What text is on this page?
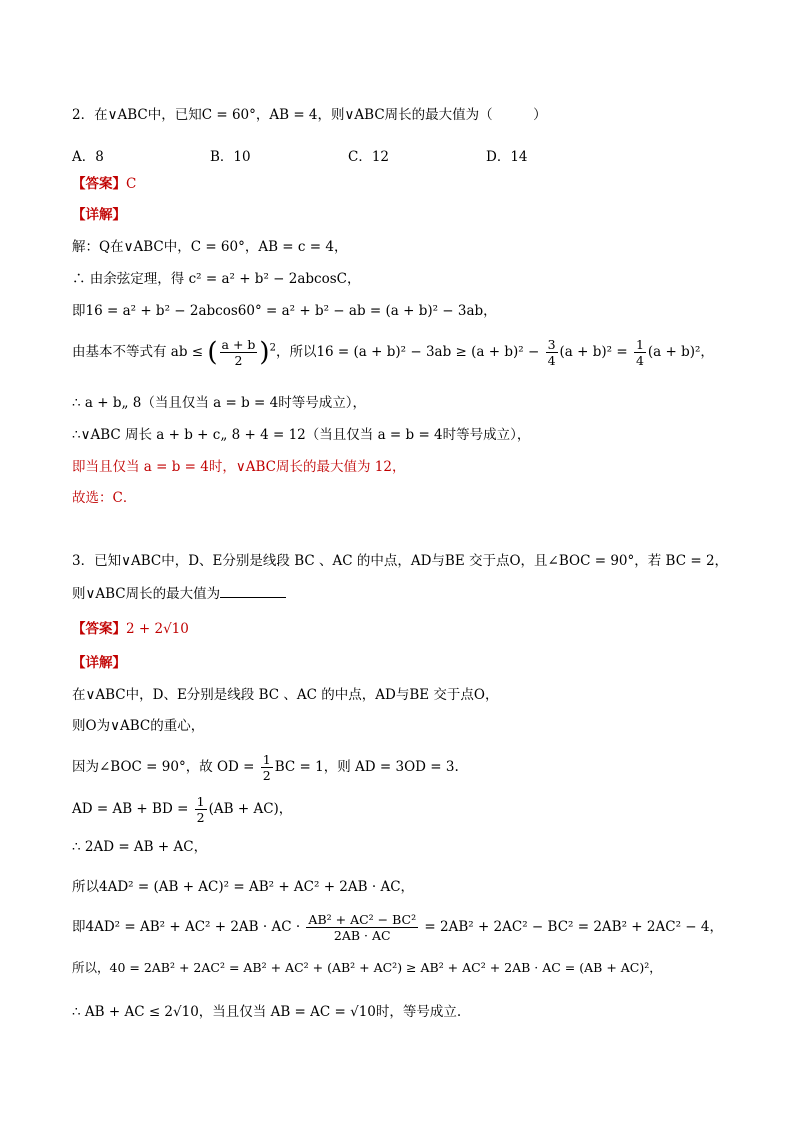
2．在∨ABC中，已知C = 60°，AB = 4，则∨ABC周长的最大值为（　　　）
A．8	B．10	C．12	D．14
【答案】C
【详解】
解：Q在∨ABC中，C = 60°，AB = c = 4，
∴ 由余弦定理，得 c² = a² + b² − 2abcosC，
即16 = a² + b² − 2abcos60° = a² + b² − ab = (a + b)² − 3ab，
由基本不等式有 ab ≤ ( $\frac{a + b}{2} )^2$，所以$16 = (a + b)^2 - 3ab \ge (a + b)^2 - \frac{3}{4} (a + b)^2 = \frac{1}{4} (a + b)^2$，
∴ a + b„ 8（当且仅当 a = b = 4时等号成立），
∴∨ABC 周长 a + b + c„ 8 + 4 = 12（当且仅当 a = b = 4时等号成立），
即当且仅当 a = b = 4时，∨ABC周长的最大值为 12，
故选：C．
3．已知∨ABC中，D、E分别是线段 BC 、AC 的中点，AD与BE 交于点O，且∠BOC = 90°，若 BC = 2，
则∨ABC周长的最大值为
【答案】2 + 2√10
【详解】
在∨ABC中，D、E分别是线段 BC 、AC 的中点，AD与BE 交于点O，
则O为∨ABC的重心，
因为∠BOC = 90°，故 OD = $\frac{1}{2}$ BC = 1，则 AD = 3OD = 3.
AD = AB + BD = $\frac{1}{2} (AB + AC)$，
∴ 2AD = AB + AC，
所以4AD² = (AB + AC)² = AB² + AC² + 2AB · AC，
即4AD² = AB² + AC² + 2AB · AC · $\frac{\text{AB² + AC² − BC²}}{2AB \cdot AC} = 2AB^2 + 2AC^2 - BC^2 = 2AB^2 + 2AC^2 - 4$，
所以，40 = 2AB² + 2AC² = AB² + AC² + (AB² + AC²) ≥ AB² + AC² + 2AB · AC = (AB + AC)²，
∴ AB + AC ≤ 2√10，当且仅当 AB = AC = √10时，等号成立.
